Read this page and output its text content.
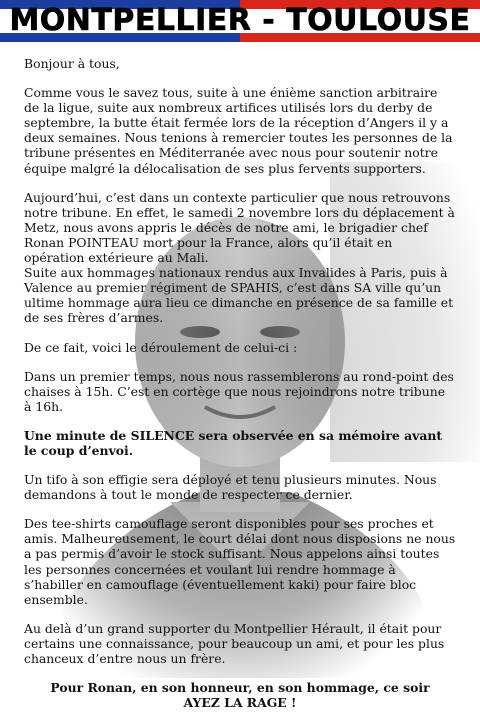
MONTPELLIER - TOULOUSE

Bonjour à tous,

Comme vous le savez tous, suite à une énième sanction arbitraire de la ligue, suite aux nombreux artifices utilisés lors du derby de septembre, la butte était fermée lors de la réception d’Angers il y a deux semaines. Nous tenions à remercier toutes les personnes de la tribune présentes en Méditerranée avec nous pour soutenir notre équipe malgré la délocalisation de ses plus fervents supporters.

Aujourd’hui, c’est dans un contexte particulier que nous retrouvons notre tribune. En effet, le samedi 2 novembre lors du déplacement à Metz, nous avons appris le décès de notre ami, le brigadier chef Ronan POINTEAU mort pour la France, alors qu’il était en opération extérieure au Mali.

Suite aux hommages nationaux rendus aux Invalides à Paris, puis à Valence au premier régiment de SPAHIS, c’est dans SA ville qu’un ultime hommage aura lieu ce dimanche en présence de sa famille et de ses frères d’armes.

De ce fait, voici le déroulement de celui-ci :

Dans un premier temps, nous nous rassemblerons au rond-point des chaises à 15h. C’est en cortège que nous rejoindrons notre tribune à 16h.

Une minute de SILENCE sera observée en sa mémoire avant le coup d’envoi.

Un tifo à son effigie sera déployé et tenu plusieurs minutes. Nous demandons à tout le monde de respecter ce dernier.

Des tee-shirts camouflage seront disponibles pour ses proches et amis. Malheureusement, le court délai dont nous disposions ne nous a pas permis d’avoir le stock suffisant. Nous appelons ainsi toutes les personnes concernées et voulant lui rendre hommage à s’habiller en camouflage (éventuellement kaki) pour faire bloc ensemble.

Au delà d’un grand supporter du Montpellier Hérault, il était pour certains une connaissance, pour beaucoup un ami, et pour les plus chanceux d’entre nous un frère.

Pour Ronan, en son honneur, en son hommage, ce soir
AYEZ LA RAGE !
